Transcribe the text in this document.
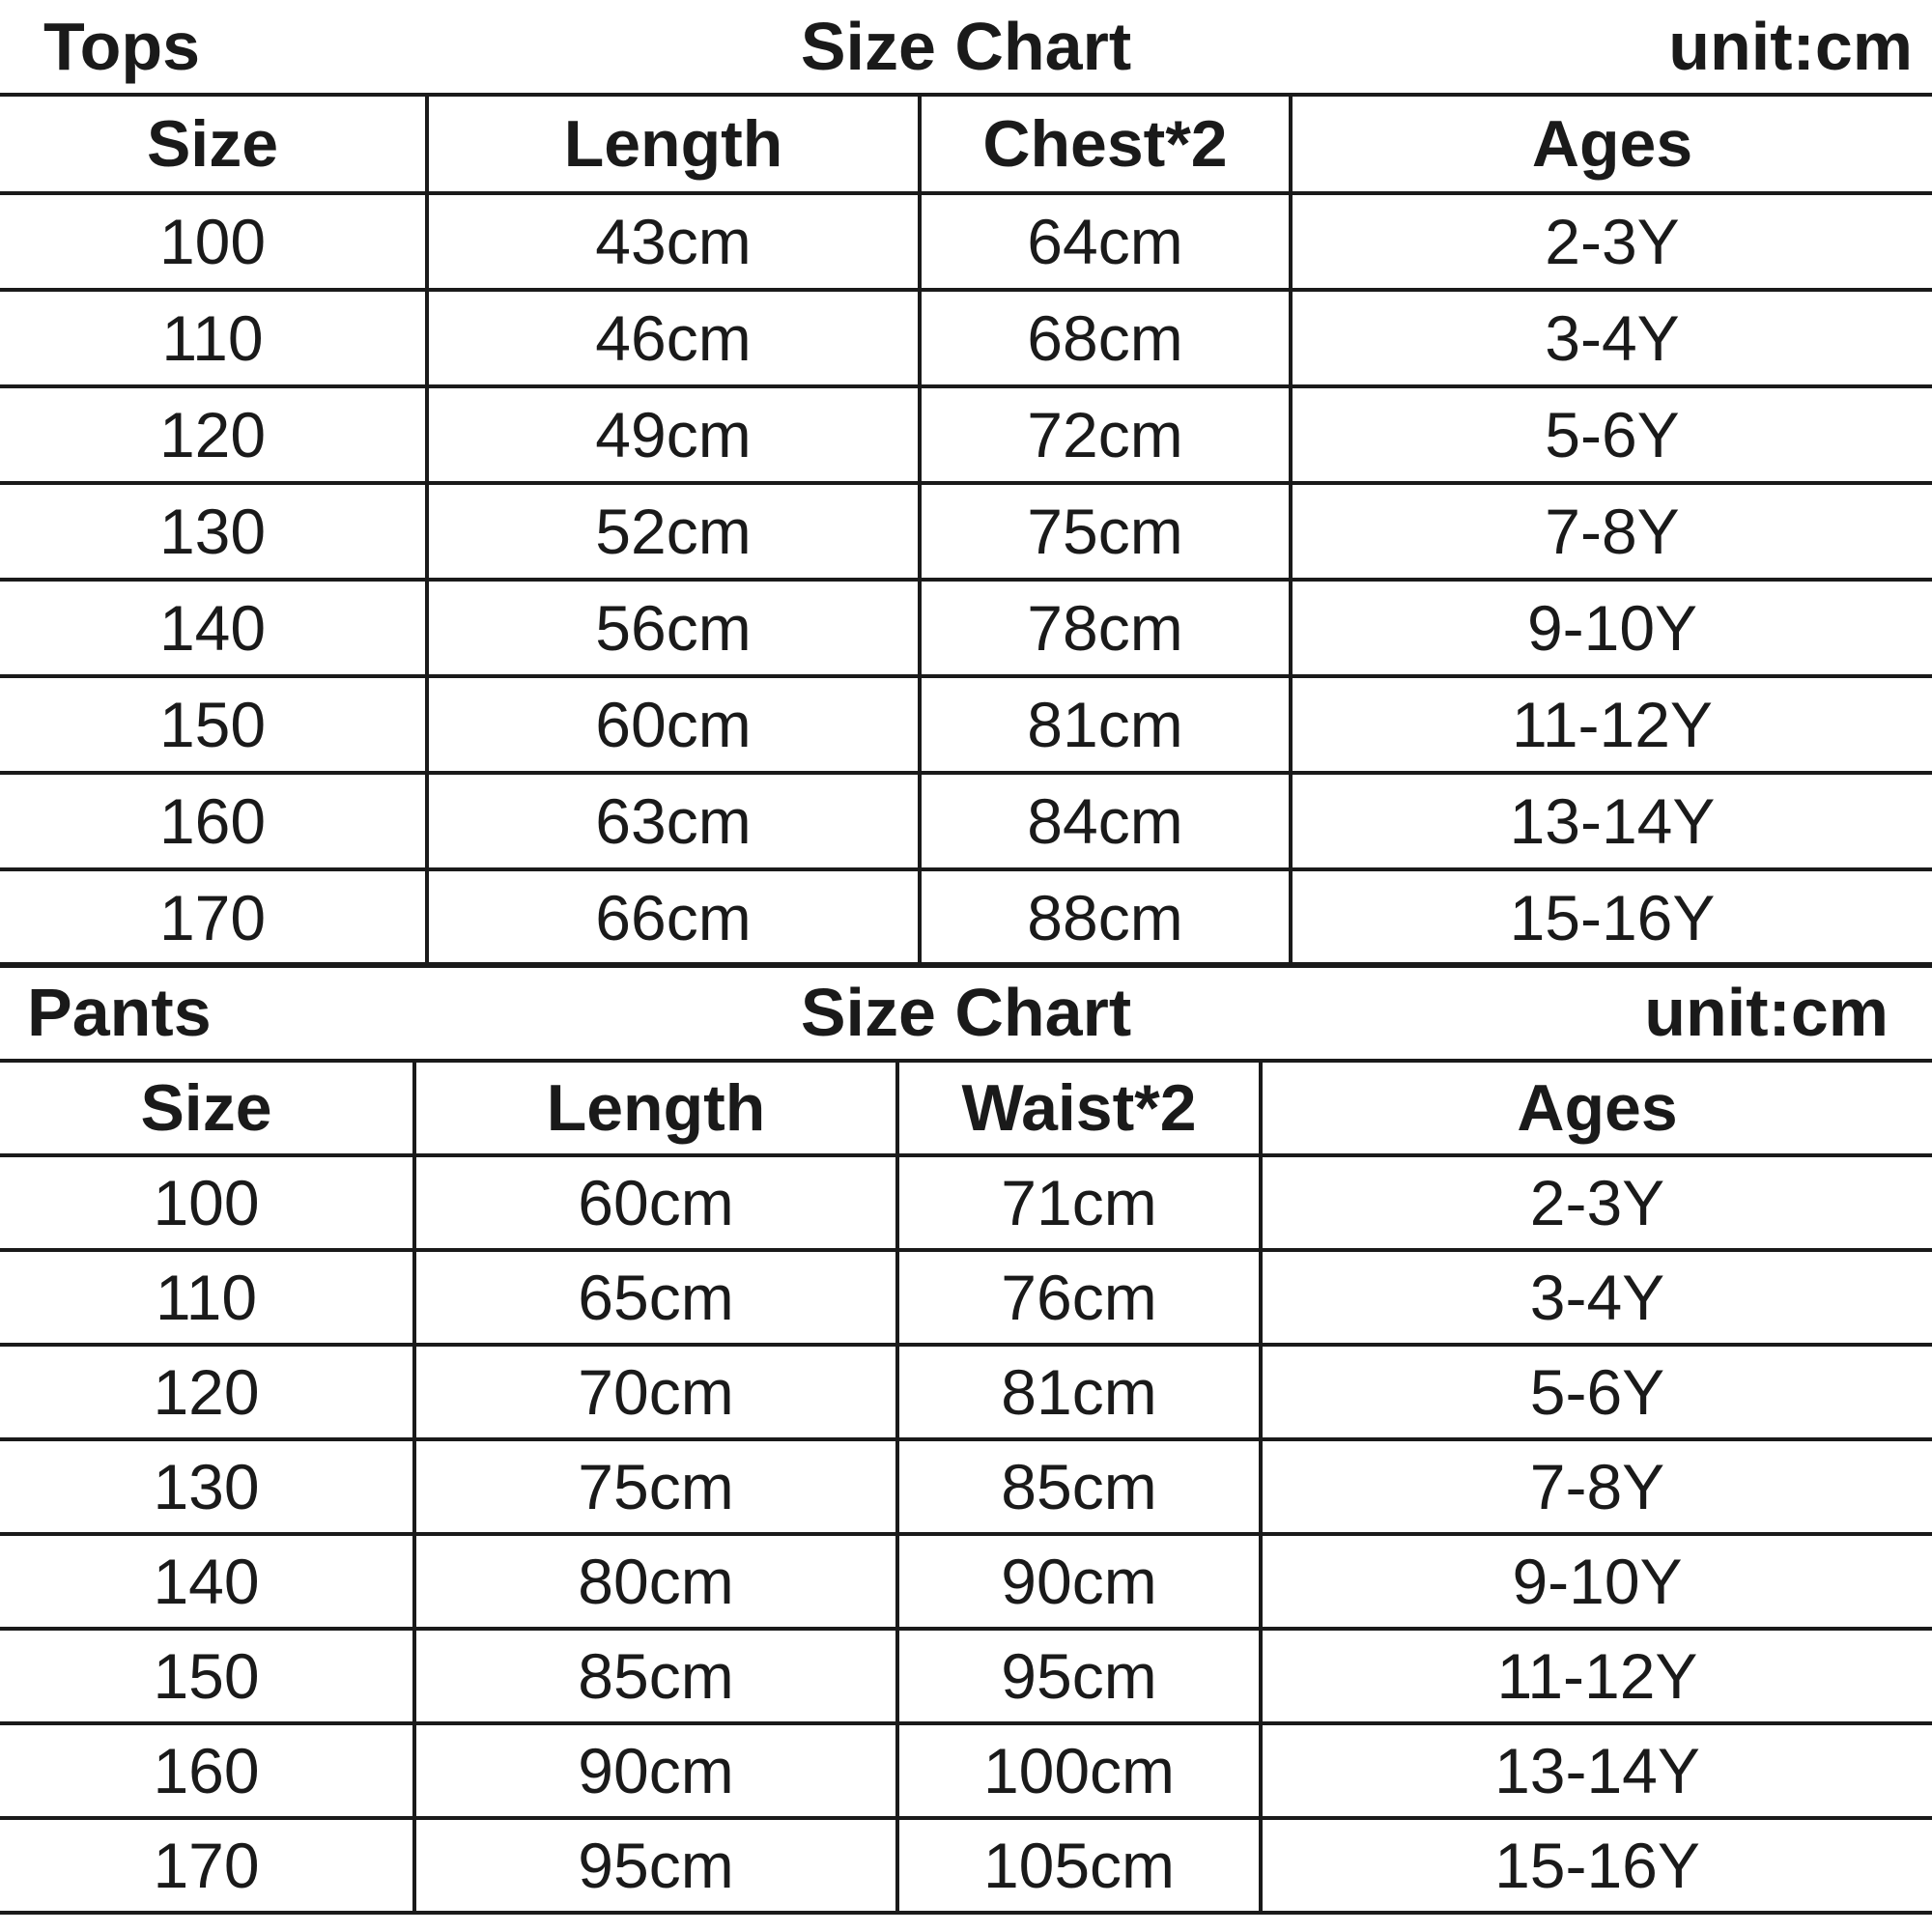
Tops	Size Chart	unit:cm
Size	Length	Chest*2	Ages
100	43cm	64cm	2-3Y
110	46cm	68cm	3-4Y
120	49cm	72cm	5-6Y
130	52cm	75cm	7-8Y
140	56cm	78cm	9-10Y
150	60cm	81cm	11-12Y
160	63cm	84cm	13-14Y
170	66cm	88cm	15-16Y
Pants	Size Chart	unit:cm
Size	Length	Waist*2	Ages
100	60cm	71cm	2-3Y
110	65cm	76cm	3-4Y
120	70cm	81cm	5-6Y
130	75cm	85cm	7-8Y
140	80cm	90cm	9-10Y
150	85cm	95cm	11-12Y
160	90cm	100cm	13-14Y
170	95cm	105cm	15-16Y
